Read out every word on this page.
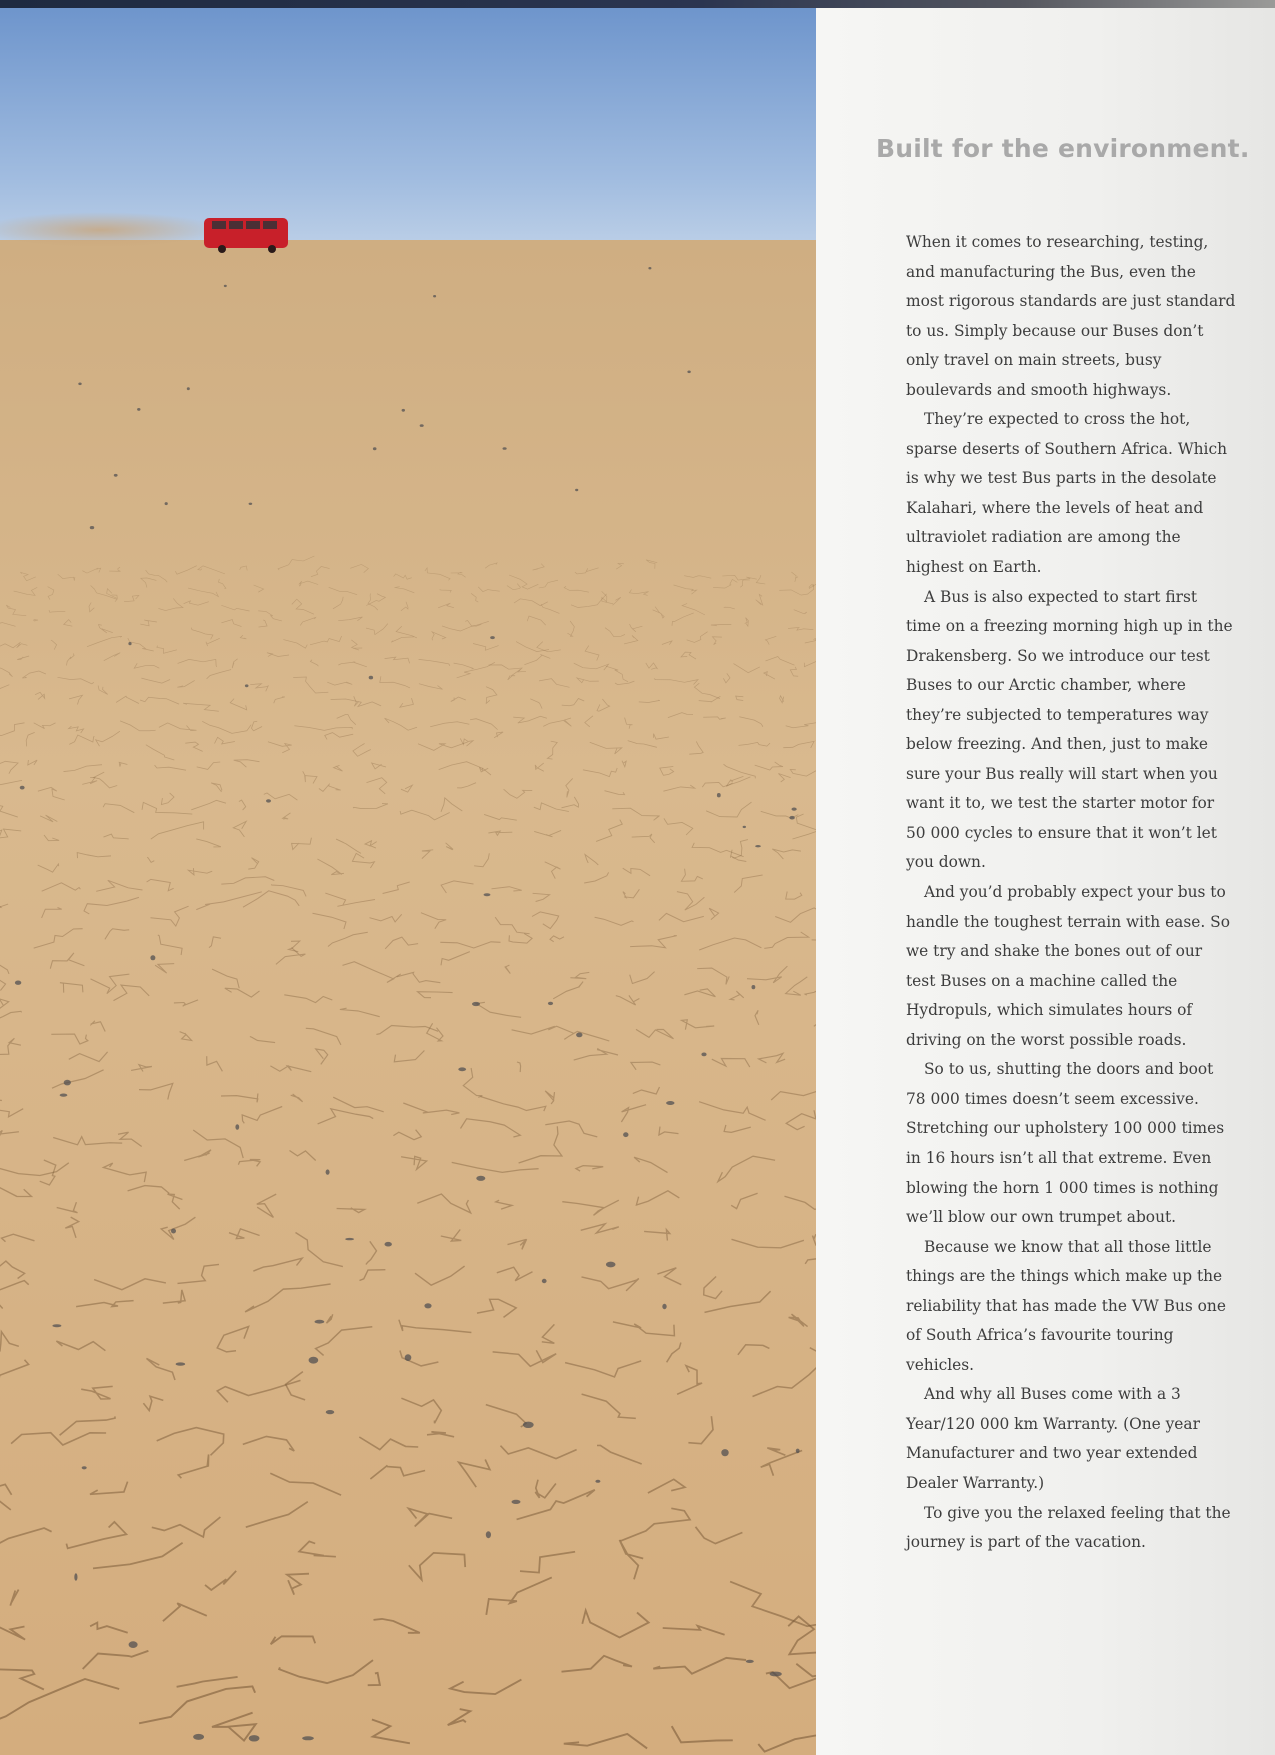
Built for the environment.

When it comes to researching, testing, and manufacturing the Bus, even the most rigorous standards are just standard to us. Simply because our Buses don’t only travel on main streets, busy boulevards and smooth highways.

They’re expected to cross the hot, sparse deserts of Southern Africa. Which is why we test Bus parts in the desolate Kalahari, where the levels of heat and ultraviolet radiation are among the highest on Earth.

A Bus is also expected to start first time on a freezing morning high up in the Drakensberg. So we introduce our test Buses to our Arctic chamber, where they’re subjected to temperatures way below freezing. And then, just to make sure your Bus really will start when you want it to, we test the starter motor for 50 000 cycles to ensure that it won’t let you down.

And you’d probably expect your bus to handle the toughest terrain with ease. So we try and shake the bones out of our test Buses on a machine called the Hydropuls, which simulates hours of driving on the worst possible roads.

So to us, shutting the doors and boot 78 000 times doesn’t seem excessive. Stretching our upholstery 100 000 times in 16 hours isn’t all that extreme. Even blowing the horn 1 000 times is nothing we’ll blow our own trumpet about.

Because we know that all those little things are the things which make up the reliability that has made the VW Bus one of South Africa’s favourite touring vehicles.

And why all Buses come with a 3 Year/120 000 km Warranty. (One year Manufacturer and two year extended Dealer Warranty.)

To give you the relaxed feeling that the journey is part of the vacation.
